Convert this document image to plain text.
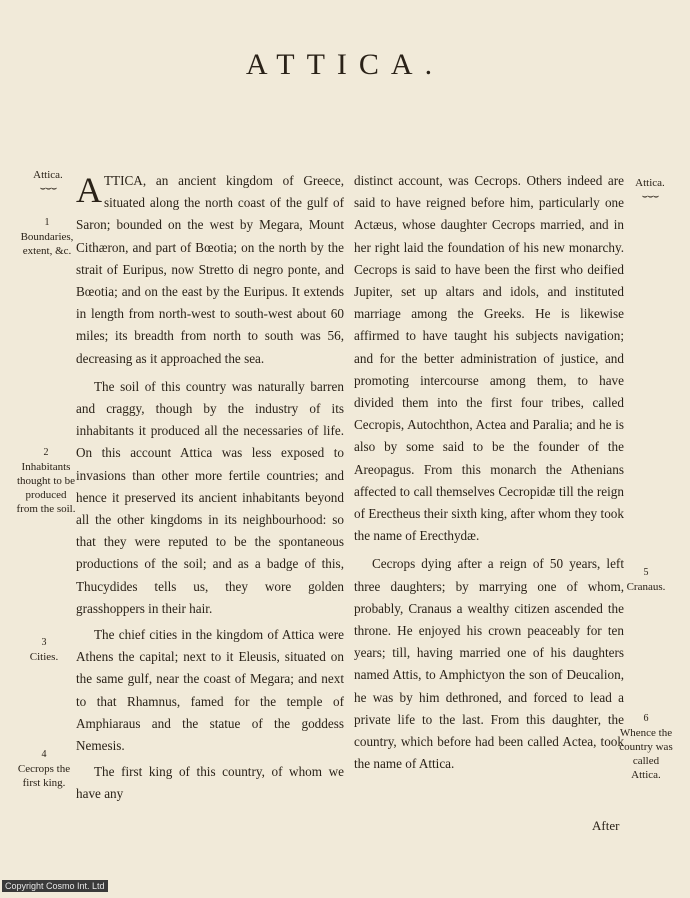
ATTICA.
Attica.
⌣⌣⌣
1
Boundaries, extent, &c.
2
Inhabitants thought to be produced from the soil.
3
Cities.
4
Cecrops the first king.
Attica.
⌣⌣⌣
5
Cranaus.
6
Whence the country was called Attica.

ATTICA, an ancient kingdom of Greece, situated along the north coast of the gulf of Saron; bounded on the west by Megara, Mount Cithæron, and part of Bœotia; on the north by the strait of Euripus, now Stretto di negro ponte, and Bœotia; and on the east by the Euripus. It extends in length from north-west to south-west about 60 miles; its breadth from north to south was 56, decreasing as it approached the sea.

The soil of this country was naturally barren and craggy, though by the industry of its inhabitants it produced all the necessaries of life. On this account Attica was less exposed to invasions than other more fertile countries; and hence it preserved its ancient inhabitants beyond all the other kingdoms in its neighbourhood: so that they were reputed to be the spontaneous productions of the soil; and as a badge of this, Thucydides tells us, they wore golden grasshoppers in their hair.

The chief cities in the kingdom of Attica were Athens the capital; next to it Eleusis, situated on the same gulf, near the coast of Megara; and next to that Rhamnus, famed for the temple of Amphiaraus and the statue of the goddess Nemesis.

The first king of this country, of whom we have any

distinct account, was Cecrops. Others indeed are said to have reigned before him, particularly one Actæus, whose daughter Cecrops married, and in her right laid the foundation of his new monarchy. Cecrops is said to have been the first who deified Jupiter, set up altars and idols, and instituted marriage among the Greeks. He is likewise affirmed to have taught his subjects navigation; and for the better administration of justice, and promoting intercourse among them, to have divided them into the first four tribes, called Cecropis, Autochthon, Actea and Paralia; and he is also by some said to be the founder of the Areopagus. From this monarch the Athenians affected to call themselves Cecropidæ till the reign of Erectheus their sixth king, after whom they took the name of Erecthydæ.

Cecrops dying after a reign of 50 years, left three daughters; by marrying one of whom, probably, Cranaus a wealthy citizen ascended the throne. He enjoyed his crown peaceably for ten years; till, having married one of his daughters named Attis, to Amphictyon the son of Deucalion, he was by him dethroned, and forced to lead a private life to the last. From this daughter, the country, which before had been called Actea, took the name of Attica.

After
Copyright Cosmo Int. Ltd
